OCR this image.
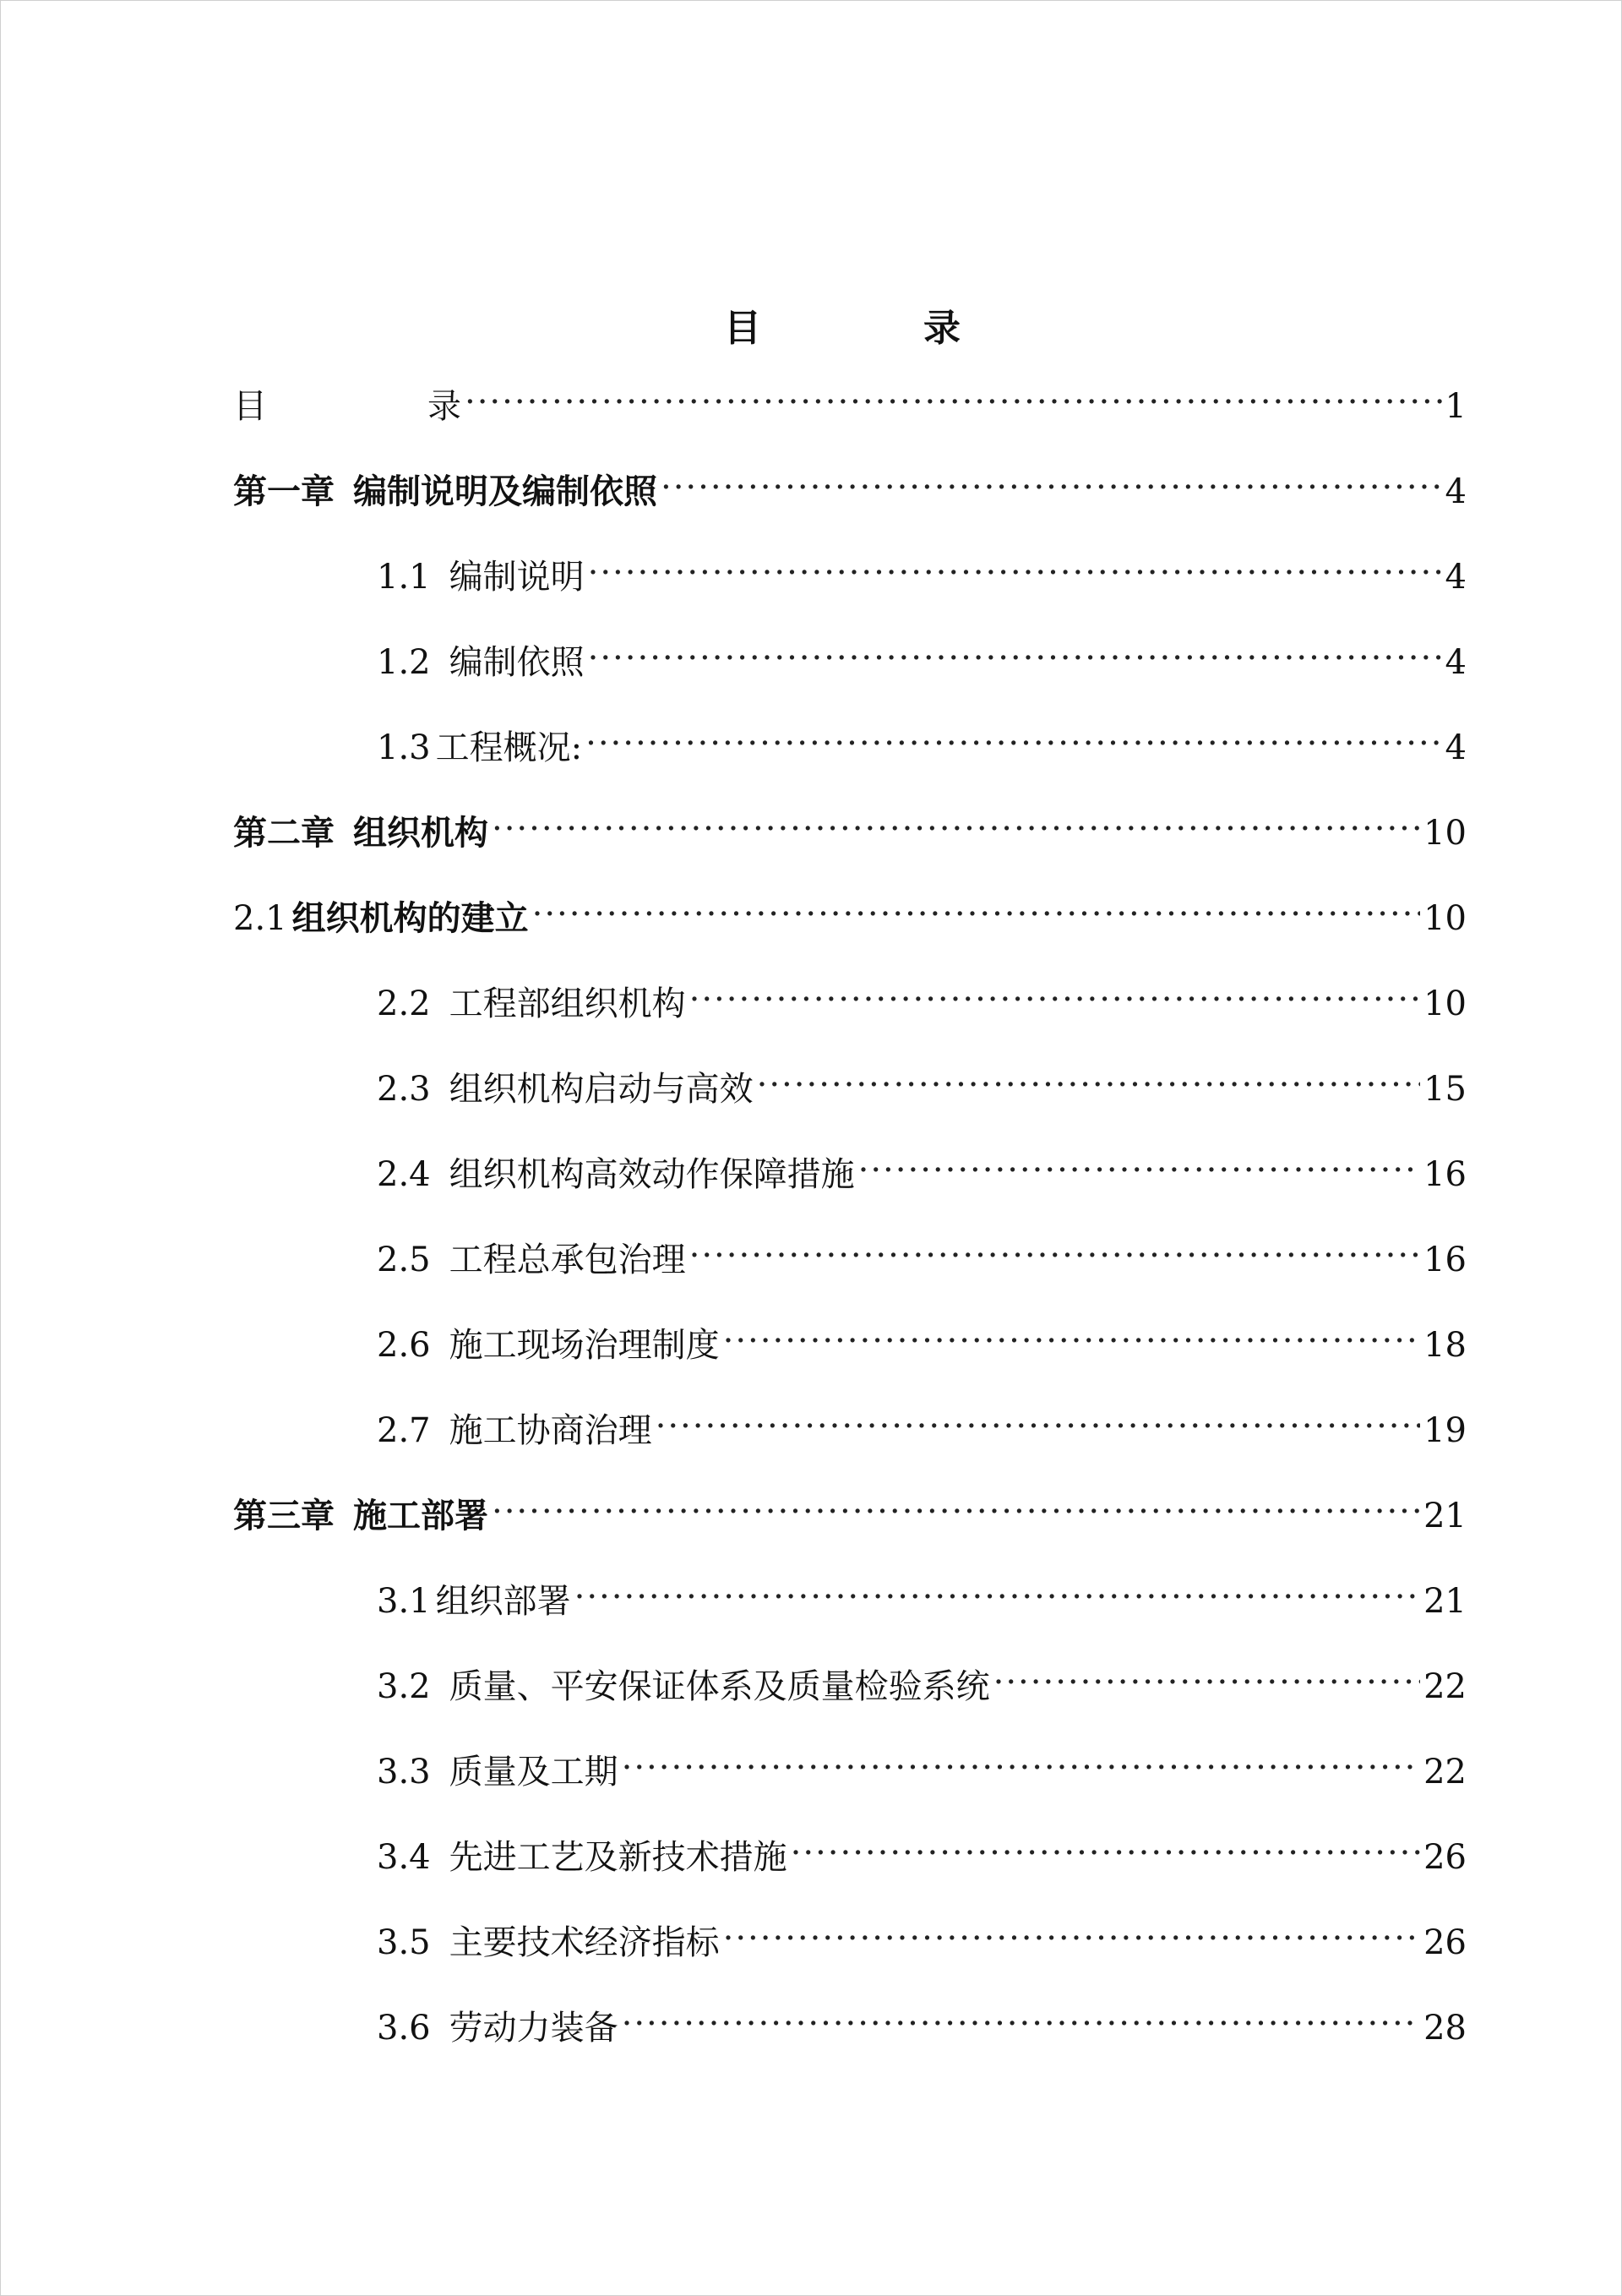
目	录
目	录 .....	1
第一章 编制说明及编制依照 .....	4
1.1 编制说明 .....	4
1.2 编制依照 .....	4
1.3 工程概况: .....	4
第二章 组织机构 .....	10
2.1 组织机构的建立 .....	10
2.2 工程部组织机构 .....	10
2.3 组织机构启动与高效 .....	15
2.4 组织机构高效动作保障措施 .....	16
2.5 工程总承包治理 .....	16
2.6 施工现场治理制度 .....	18
2.7 施工协商治理 .....	19
第三章 施工部署 .....	21
3.1 组织部署 .....	21
3.2 质量、平安保证体系及质量检验系统 .....	22
3.3 质量及工期 .....	22
3.4 先进工艺及新技术措施 .....	26
3.5 主要技术经济指标 .....	26
3.6 劳动力装备 .....	28
